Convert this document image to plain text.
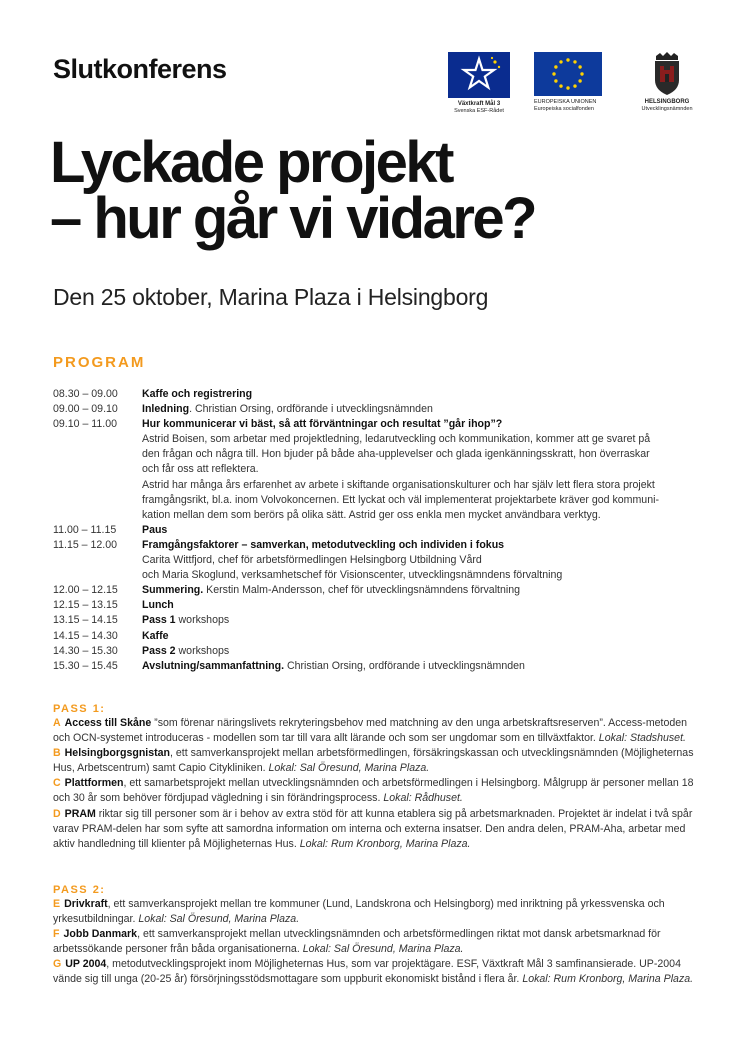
Slutkonferens
Växtkraft Mål 3
Svenska ESF-Rådet
EUROPEISKA UNIONEN
Europeiska socialfonden
HELSINGBORG
Utvecklingsnämnden
Lyckade projekt
– hur går vi vidare?
Den 25 oktober, Marina Plaza i Helsingborg
PROGRAM
08.30 – 09.00	Kaffe och registrering
09.00 – 09.10	Inledning. Christian Orsing, ordförande i utvecklingsnämnden
09.10 – 11.00	Hur kommunicerar vi bäst, så att förväntningar och resultat ”går ihop”?
Astrid Boisen, som arbetar med projektledning, ledarutveckling och kommunikation, kommer att ge svaret på
den frågan och några till. Hon bjuder på både aha-upplevelser och glada igenkänningsskratt, hon överraskar
och får oss att reflektera.
Astrid har många års erfarenhet av arbete i skiftande organisationskulturer och har själv lett flera stora projekt
framgångsrikt, bl.a. inom Volvokoncernen. Ett lyckat och väl implementerat projektarbete kräver god kommuni-
kation mellan dem som berörs på olika sätt. Astrid ger oss enkla men mycket användbara verktyg.
11.00 – 11.15	Paus
11.15 – 12.00	Framgångsfaktorer – samverkan, metodutveckling och individen i fokus
Carita Wittfjord, chef för arbetsförmedlingen Helsingborg Utbildning Vård
och Maria Skoglund, verksamhetschef för Visionscenter, utvecklingsnämndens förvaltning
12.00 – 12.15	Summering. Kerstin Malm-Andersson, chef för utvecklingsnämndens förvaltning
12.15 – 13.15	Lunch
13.15 – 14.15	Pass 1 workshops
14.15 – 14.30	Kaffe
14.30 – 15.30	Pass 2 workshops
15.30 – 15.45	Avslutning/sammanfattning. Christian Orsing, ordförande i utvecklingsnämnden
PASS 1:
A Access till Skåne ”som förenar näringslivets rekryteringsbehov med matchning av den unga arbetskraftsreserven”. Access-metoden och OCN-systemet introduceras - modellen som tar till vara allt lärande och som ser ungdomar som en tillväxtfaktor. Lokal: Stadshuset.
B Helsingborgsgnistan, ett samverkansprojekt mellan arbetsförmedlingen, försäkringskassan och utvecklingsnämnden (Möjligheternas Hus, Arbetscentrum) samt Capio Citykliniken. Lokal: Sal Öresund, Marina Plaza.
C Plattformen, ett samarbetsprojekt mellan utvecklingsnämnden och arbetsförmedlingen i Helsingborg. Målgrupp är personer mellan 18 och 30 år som behöver fördjupad vägledning i sin förändringsprocess. Lokal: Rådhuset.
D PRAM riktar sig till personer som är i behov av extra stöd för att kunna etablera sig på arbetsmarknaden. Projektet är indelat i två spår varav PRAM-delen har som syfte att samordna information om interna och externa insatser. Den andra delen, PRAM-Aha, arbetar med aktiv handledning till klienter på Möjligheternas Hus. Lokal: Rum Kronborg, Marina Plaza.
PASS 2:
E Drivkraft, ett samverkansprojekt mellan tre kommuner (Lund, Landskrona och Helsingborg) med inriktning på yrkessvenska och yrkesutbildningar. Lokal: Sal Öresund, Marina Plaza.
F Jobb Danmark, ett samverkansprojekt mellan utvecklingsnämnden och arbetsförmedlingen riktat mot dansk arbetsmarknad för arbetssökande personer från båda organisationerna. Lokal: Sal Öresund, Marina Plaza.
G UP 2004, metodutvecklingsprojekt inom Möjligheternas Hus, som var projektägare. ESF, Växtkraft Mål 3 samfinansierade. UP-2004 vände sig till unga (20-25 år) försörjningsstödsmottagare som uppburit ekonomiskt bistånd i flera år. Lokal: Rum Kronborg, Marina Plaza.
